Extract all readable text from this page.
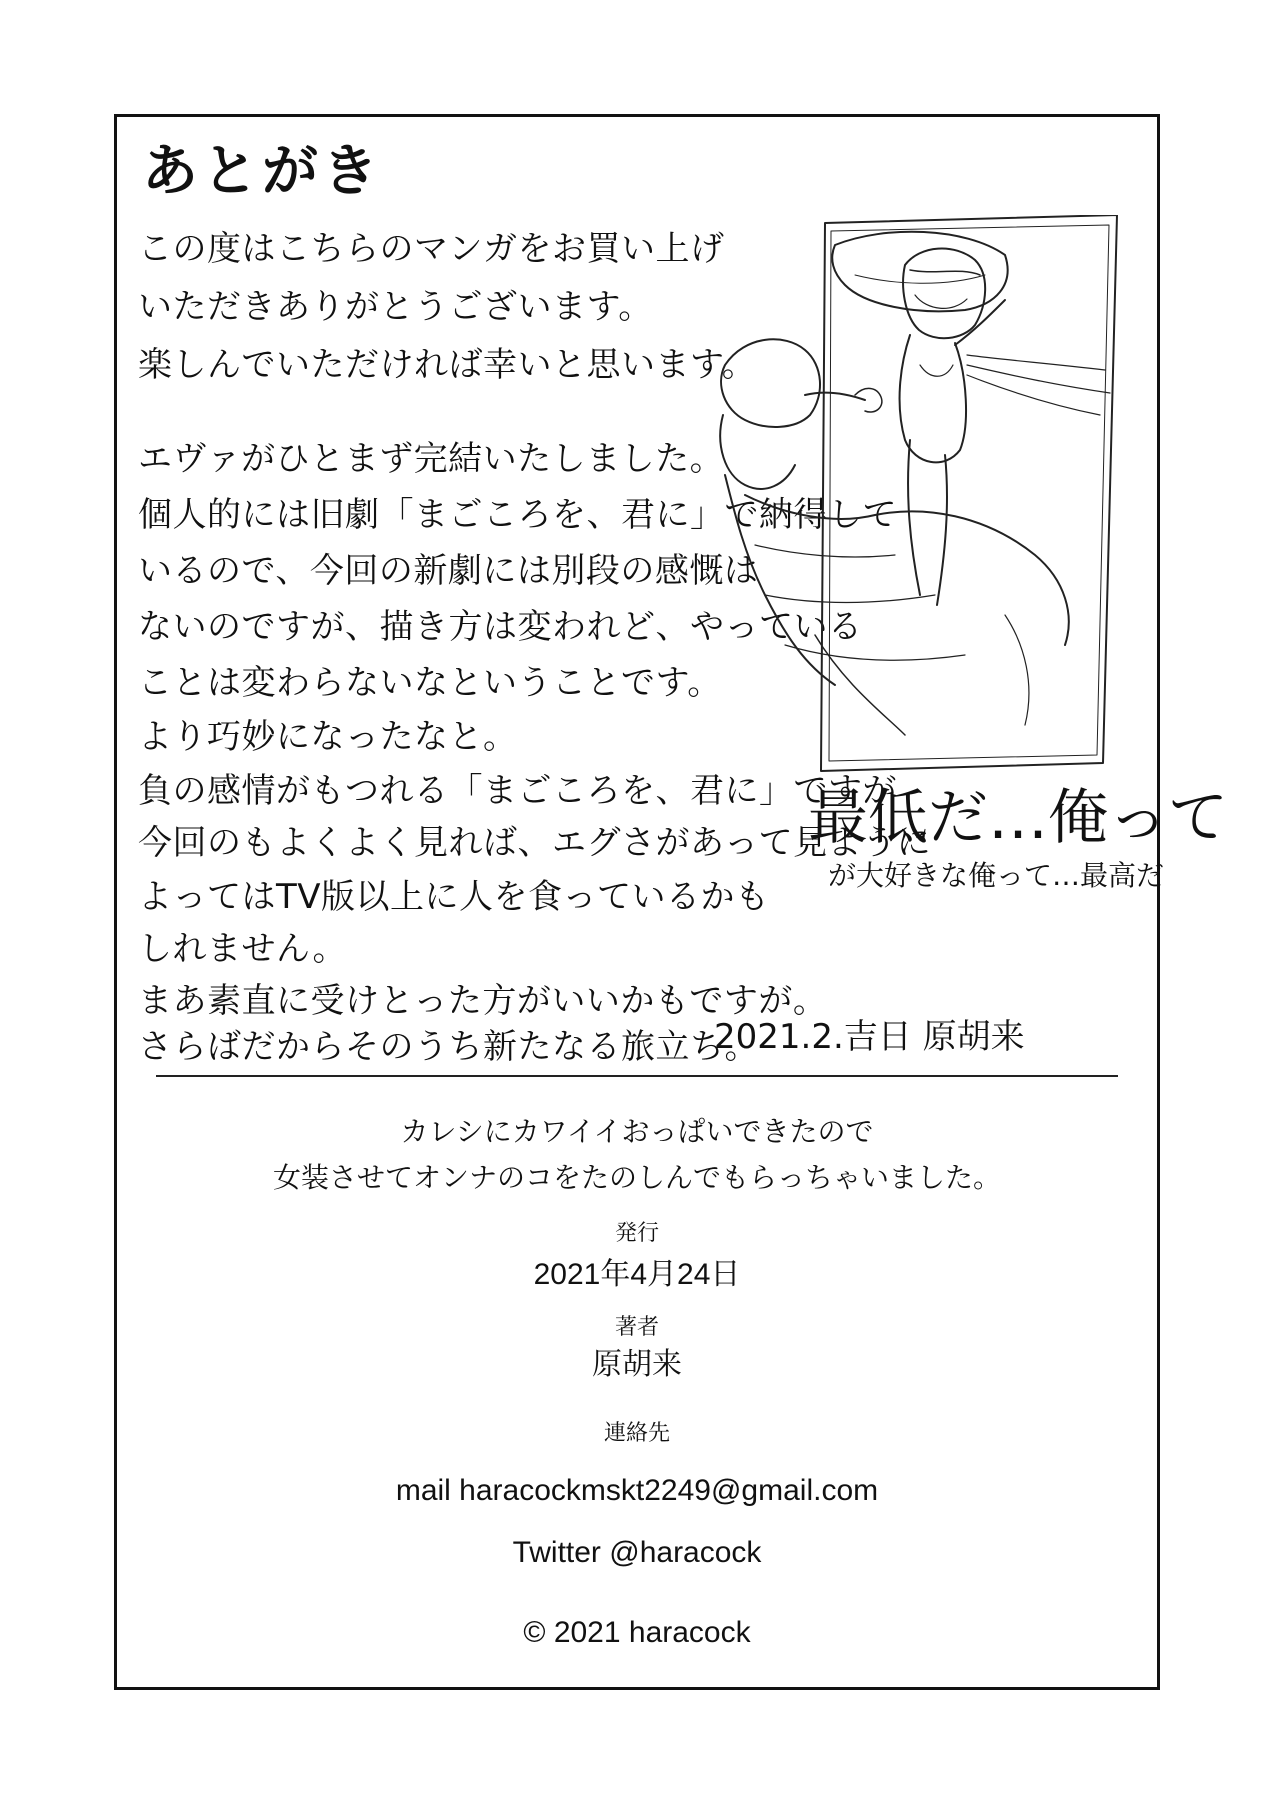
あとがき
この度はこちらのマンガをお買い上げ
いただきありがとうございます。
楽しんでいただければ幸いと思います。
エヴァがひとまず完結いたしました。
個人的には旧劇「まごころを、君に」で納得して
いるので、今回の新劇には別段の感慨は
ないのですが、描き方は変われど、やっている
ことは変わらないなということです。
より巧妙になったなと。
負の感情がもつれる「まごころを、君に」ですが
今回のもよくよく見れば、エグさがあって見ように
よってはTV版以上に人を食っているかも
しれません。
まあ素直に受けとった方がいいかもですが。
さらばだからそのうち新たなる旅立ち。
最低だ…俺って
が大好きな俺って…最高だ
2021.2.吉日 原胡来
カレシにカワイイおっぱいできたので
女装させてオンナのコをたのしんでもらっちゃいました。
発行
2021年4月24日
著者
原胡来
連絡先
mail haracockmskt2249@gmail.com
Twitter @haracock
© 2021 haracock
